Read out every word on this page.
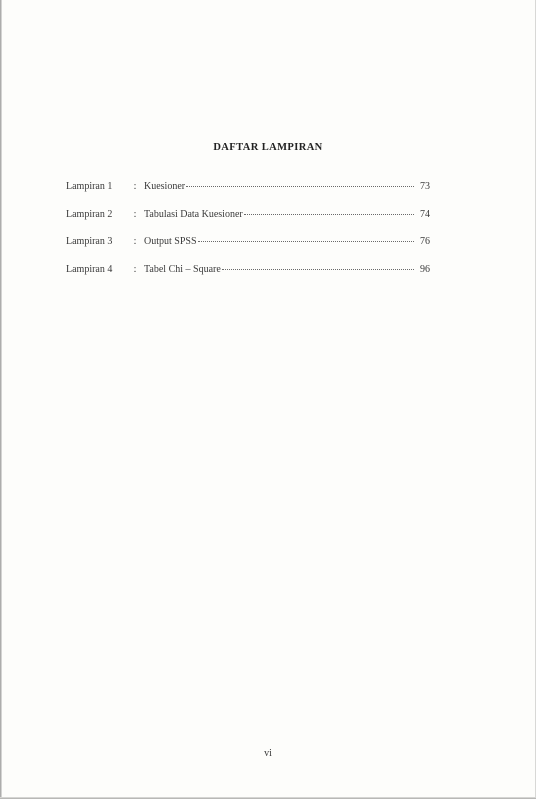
DAFTAR LAMPIRAN
Lampiran 1	: Kuesioner	73
Lampiran 2	: Tabulasi Data Kuesioner	74
Lampiran 3	: Output SPSS	76
Lampiran 4	: Tabel Chi – Square	96
vi
